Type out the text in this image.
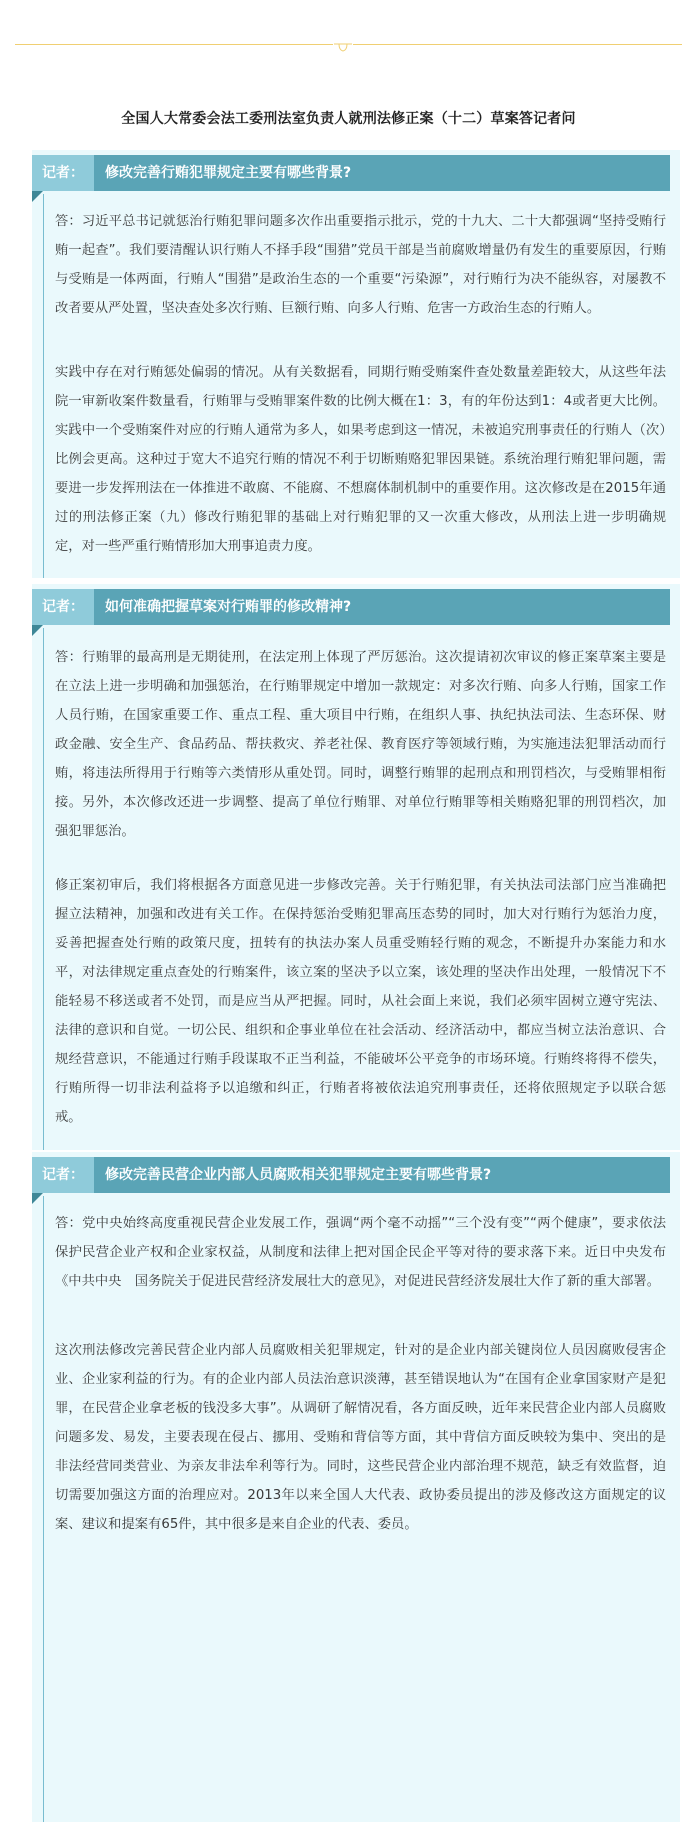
全国人大常委会法工委刑法室负责人就刑法修正案（十二）草案答记者问
记者：	修改完善行贿犯罪规定主要有哪些背景?

答：习近平总书记就惩治行贿犯罪问题多次作出重要指示批示，党的十九大、二十大都强调“坚持受贿行贿一起查”。我们要清醒认识行贿人不择手段“围猎”党员干部是当前腐败增量仍有发生的重要原因，行贿与受贿是一体两面，行贿人“围猎”是政治生态的一个重要“污染源”，对行贿行为决不能纵容，对屡教不改者要从严处置，坚决查处多次行贿、巨额行贿、向多人行贿、危害一方政治生态的行贿人。

实践中存在对行贿惩处偏弱的情况。从有关数据看，同期行贿受贿案件查处数量差距较大，从这些年法院一审新收案件数量看，行贿罪与受贿罪案件数的比例大概在1：3，有的年份达到1：4或者更大比例。实践中一个受贿案件对应的行贿人通常为多人，如果考虑到这一情况，未被追究刑事责任的行贿人（次）比例会更高。这种过于宽大不追究行贿的情况不利于切断贿赂犯罪因果链。系统治理行贿犯罪问题，需要进一步发挥刑法在一体推进不敢腐、不能腐、不想腐体制机制中的重要作用。这次修改是在2015年通过的刑法修正案（九）修改行贿犯罪的基础上对行贿犯罪的又一次重大修改，从刑法上进一步明确规定，对一些严重行贿情形加大刑事追责力度。

记者：	如何准确把握草案对行贿罪的修改精神?

答：行贿罪的最高刑是无期徒刑，在法定刑上体现了严厉惩治。这次提请初次审议的修正案草案主要是在立法上进一步明确和加强惩治，在行贿罪规定中增加一款规定：对多次行贿、向多人行贿，国家工作人员行贿，在国家重要工作、重点工程、重大项目中行贿，在组织人事、执纪执法司法、生态环保、财政金融、安全生产、食品药品、帮扶救灾、养老社保、教育医疗等领域行贿，为实施违法犯罪活动而行贿，将违法所得用于行贿等六类情形从重处罚。同时，调整行贿罪的起刑点和刑罚档次，与受贿罪相衔接。另外，本次修改还进一步调整、提高了单位行贿罪、对单位行贿罪等相关贿赂犯罪的刑罚档次，加强犯罪惩治。

修正案初审后，我们将根据各方面意见进一步修改完善。关于行贿犯罪，有关执法司法部门应当准确把握立法精神，加强和改进有关工作。在保持惩治受贿犯罪高压态势的同时，加大对行贿行为惩治力度，妥善把握查处行贿的政策尺度，扭转有的执法办案人员重受贿轻行贿的观念，不断提升办案能力和水平，对法律规定重点查处的行贿案件，该立案的坚决予以立案，该处理的坚决作出处理，一般情况下不能轻易不移送或者不处罚，而是应当从严把握。同时，从社会面上来说，我们必须牢固树立遵守宪法、法律的意识和自觉。一切公民、组织和企事业单位在社会活动、经济活动中，都应当树立法治意识、合规经营意识，不能通过行贿手段谋取不正当利益，不能破坏公平竞争的市场环境。行贿终将得不偿失，行贿所得一切非法利益将予以追缴和纠正，行贿者将被依法追究刑事责任，还将依照规定予以联合惩戒。

记者：	修改完善民营企业内部人员腐败相关犯罪规定主要有哪些背景?

答：党中央始终高度重视民营企业发展工作，强调“两个毫不动摇”“三个没有变”“两个健康”，要求依法保护民营企业产权和企业家权益，从制度和法律上把对国企民企平等对待的要求落下来。近日中央发布《中共中央　国务院关于促进民营经济发展壮大的意见》，对促进民营经济发展壮大作了新的重大部署。

这次刑法修改完善民营企业内部人员腐败相关犯罪规定，针对的是企业内部关键岗位人员因腐败侵害企业、企业家利益的行为。有的企业内部人员法治意识淡薄，甚至错误地认为“在国有企业拿国家财产是犯罪，在民营企业拿老板的钱没多大事”。从调研了解情况看，各方面反映，近年来民营企业内部人员腐败问题多发、易发，主要表现在侵占、挪用、受贿和背信等方面，其中背信方面反映较为集中、突出的是非法经营同类营业、为亲友非法牟利等行为。同时，这些民营企业内部治理不规范，缺乏有效监督，迫切需要加强这方面的治理应对。2013年以来全国人大代表、政协委员提出的涉及修改这方面规定的议案、建议和提案有65件，其中很多是来自企业的代表、委员。
